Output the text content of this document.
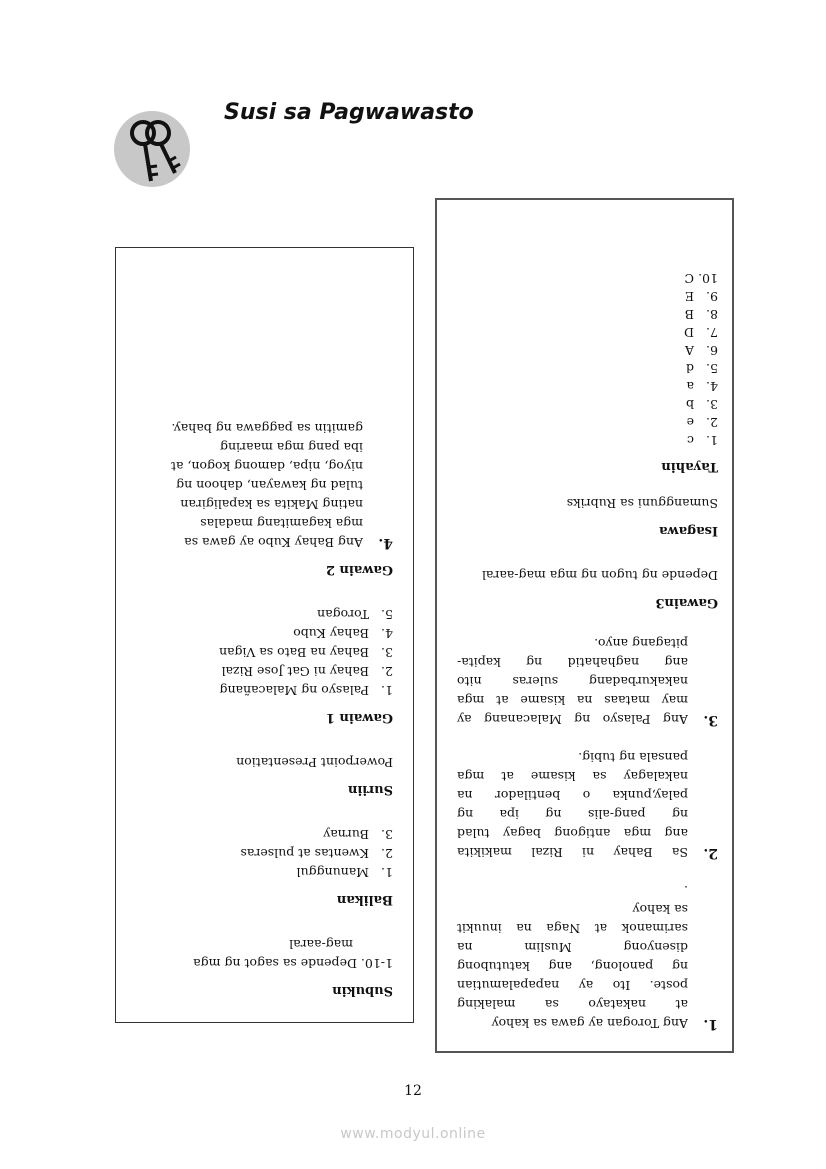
Susi sa Pagwawasto
Subukin
1-10. Depende sa sagot ng mga
mag-aaral
Balikan
1.
Manunggul
2.
Kwentas at pulseras
3.
Burnay
Suriin
Powerpoint Presentation
Gawain 1
1.
Palasyo ng Malacañang
2.
Bahay ni Gat Jose Rizal
3.
Bahay na Bato sa Vigan
4.
Bahay Kubo
5.
Torogan
Gawain 2
4.
Ang Bahay Kubo ay gawa sa
mga kagamitang madalas
nating Makita sa kapaligiran
tulad ng kawayan, dahoon ng
niyog, nipa, damong kogon, at
iba pang mga maaring
gamitin sa paggawa ng bahay.
1.
Ang Torogan ay gawa sa kahoy
at nakatayo sa malaking
poste. Ito ay napapalamutian
ng panolong, ang katutubong
disenyong Muslim na
sarimanok at Naga na inuukit
sa kahoy
.
2.
Sa Bahay ni Rizal makikita
ang mga antigong bagay tulad
ng pang-alis ng ipa ng
palay,punka o bentilador na
nakalagay sa kisame at mga
pansala ng tubig.
3.
Ang Palasyo ng Malacanang ay
may mataas na kisame at mga
nakakurbadang suleras nito
ang naghahatid ng kapita-
pitagang anyo.
Gawain3
Depende ng tugon ng mga mag-aaral
Isagawa
Sumangguni sa Rubriks
Tayahin
1.
c
2.
e
3.
b
4.
a
5.
d
6.
A
7.
D
8.
B
9.
E
10.
C
12
www.modyul.online
